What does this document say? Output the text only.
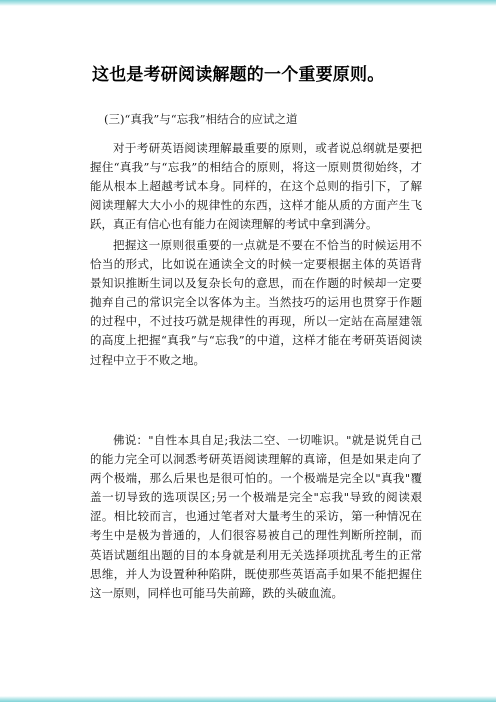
这也是考研阅读解题的一个重要原则。
(三)“真我”与“忘我”相结合的应试之道

对于考研英语阅读理解最重要的原则，或者说总纲就是要把握住“真我”与“忘我”的相结合的原则，将这一原则贯彻始终，才能从根本上超越考试本身。同样的，在这个总则的指引下，了解阅读理解大大小小的规律性的东西，这样才能从质的方面产生飞跃，真正有信心也有能力在阅读理解的考试中拿到满分。

把握这一原则很重要的一点就是不要在不恰当的时候运用不恰当的形式，比如说在通读全文的时候一定要根据主体的英语背景知识推断生词以及复杂长句的意思，而在作题的时候却一定要抛弃自己的常识完全以客体为主。当然技巧的运用也贯穿于作题的过程中，不过技巧就是规律性的再现，所以一定站在高屋建瓴的高度上把握“真我”与“忘我”的中道，这样才能在考研英语阅读过程中立于不败之地。

佛说："自性本具自足;我法二空、一切唯识。"就是说凭自己的能力完全可以洞悉考研英语阅读理解的真谛，但是如果走向了两个极端，那么后果也是很可怕的。一个极端是完全以"真我"覆盖一切导致的选项误区;另一个极端是完全"忘我"导致的阅读艰涩。相比较而言，也通过笔者对大量考生的采访，第一种情况在考生中是极为普通的，人们很容易被自己的理性判断所控制，而英语试题组出题的目的本身就是利用无关选择项扰乱考生的正常思维，并人为设置种种陷阱，既使那些英语高手如果不能把握住这一原则，同样也可能马失前蹄，跌的头破血流。
